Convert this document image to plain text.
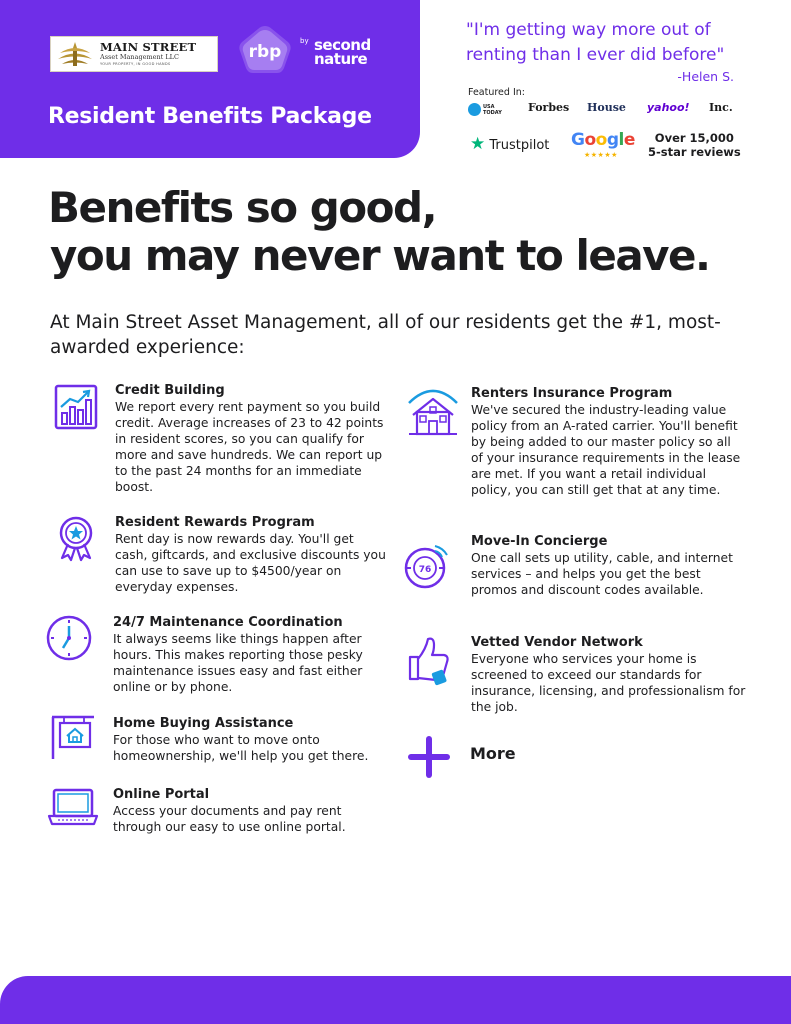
MAIN STREET
Asset Management LLC
YOUR PROPERTY, IN GOOD HANDS
rbp
by second
nature
Resident Benefits Package
"I'm getting way more out of
renting than I ever did before"
-Helen S.
Featured In:
USA TODAY Forbes House yahoo! Inc.
★ Trustpilot Google
★★★★★
Over 15,000
5-star reviews
Benefits so good,
you may never want to leave.
At Main Street Asset Management, all of our residents get the #1, most-awarded experience:
Credit Building

We report every rent payment so you build credit. Average increases of 23 to 42 points in resident scores, so you can qualify for more and save hundreds. We can report up to the past 24 months for an immediate boost.

Resident Rewards Program

Rent day is now rewards day. You'll get cash, giftcards, and exclusive discounts you can use to save up to $4500/year on everyday expenses.

24/7 Maintenance Coordination

It always seems like things happen after hours. This makes reporting those pesky maintenance issues easy and fast either online or by phone.

Home Buying Assistance

For those who want to move onto homeownership, we'll help you get there.

Online Portal

Access your documents and pay rent through our easy to use online portal.

Renters Insurance Program

We've secured the industry-leading value policy from an A-rated carrier. You'll benefit by being added to our master policy so all of your insurance requirements in the lease are met. If you want a retail individual policy, you can still get that at any time.

76
Move-In Concierge

One call sets up utility, cable, and internet services – and helps you get the best promos and discount codes available.

Vetted Vendor Network

Everyone who services your home is screened to exceed our standards for insurance, licensing, and professionalism for the job.

More
